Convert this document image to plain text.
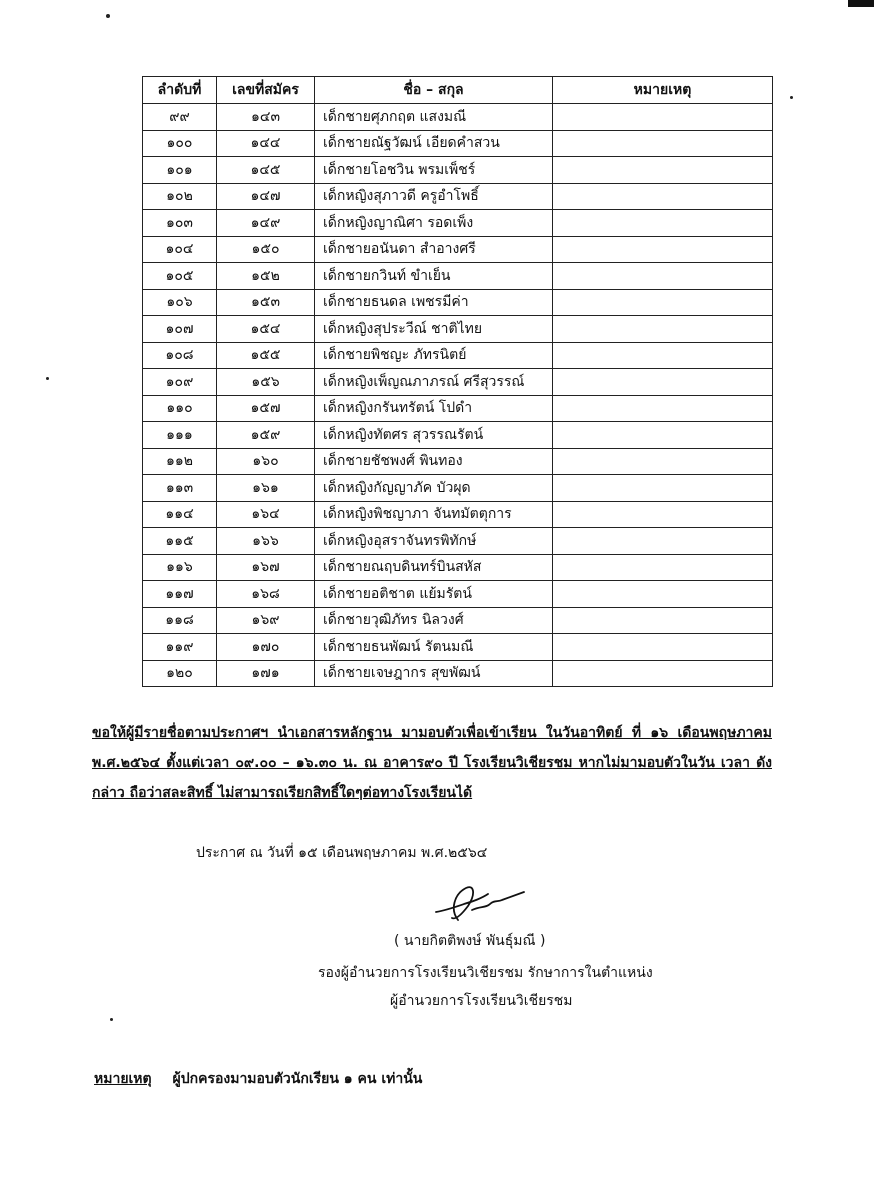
ลำดับที่	เลขที่สมัคร	ชื่อ – สกุล	หมายเหตุ
๙๙	๑๔๓	เด็กชายศุภกฤต แสงมณี	
๑๐๐	๑๔๔	เด็กชายณัฐวัฒน์ เอียดคำสวน	
๑๐๑	๑๔๕	เด็กชายโอชวิน พรมเพ็ชร์	
๑๐๒	๑๔๗	เด็กหญิงสุภาวดี ครูอำโพธิ์	
๑๐๓	๑๔๙	เด็กหญิงญาณิศา รอดเพ็ง	
๑๐๔	๑๕๐	เด็กชายอนันดา สำอางศรี	
๑๐๕	๑๕๒	เด็กชายกวินท์ ขำเย็น	
๑๐๖	๑๕๓	เด็กชายธนดล เพชรมีค่า	
๑๐๗	๑๕๔	เด็กหญิงสุประวีณ์ ชาติไทย	
๑๐๘	๑๕๕	เด็กชายพิชญะ ภัทรนิตย์	
๑๐๙	๑๕๖	เด็กหญิงเพ็ญณภาภรณ์ ศรีสุวรรณ์	
๑๑๐	๑๕๗	เด็กหญิงกรันทรัตน์ โปดำ	
๑๑๑	๑๕๙	เด็กหญิงทัตศร สุวรรณรัตน์	
๑๑๒	๑๖๐	เด็กชายชัชพงศ์ พินทอง	
๑๑๓	๑๖๑	เด็กหญิงกัญญาภัค บัวผุด	
๑๑๔	๑๖๔	เด็กหญิงพิชญาภา จันทมัตตุการ	
๑๑๕	๑๖๖	เด็กหญิงอุสราจันทรพิทักษ์	
๑๑๖	๑๖๗	เด็กชายณฤบดินทร์บินสหัส	
๑๑๗	๑๖๘	เด็กชายอติชาต แย้มรัตน์	
๑๑๘	๑๖๙	เด็กชายวุฒิภัทร นิลวงศ์	
๑๑๙	๑๗๐	เด็กชายธนพัฒน์ รัตนมณี	
๑๒๐	๑๗๑	เด็กชายเจษฎากร สุขพัฒน์	
ขอให้ผู้มีรายชื่อตามประกาศฯ นำเอกสารหลักฐาน มามอบตัวเพื่อเข้าเรียน ในวันอาทิตย์ ที่ ๑๖ เดือนพฤษภาคม พ.ศ.๒๕๖๔ ตั้งแต่เวลา ๐๙.๐๐ – ๑๖.๓๐ น. ณ อาคาร๙๐ ปี โรงเรียนวิเชียรชม หากไม่มามอบตัวในวัน เวลา ดังกล่าว ถือว่าสละสิทธิ์ ไม่สามารถเรียกสิทธิ์ใดๆต่อทางโรงเรียนได้
ประกาศ ณ วันที่ ๑๕ เดือนพฤษภาคม พ.ศ.๒๕๖๔
( นายกิตติพงษ์ พันธุ์มณี )
รองผู้อำนวยการโรงเรียนวิเชียรชม รักษาการในตำแหน่ง
ผู้อำนวยการโรงเรียนวิเชียรชม
หมายเหตุ ผู้ปกครองมามอบตัวนักเรียน ๑ คน เท่านั้น
